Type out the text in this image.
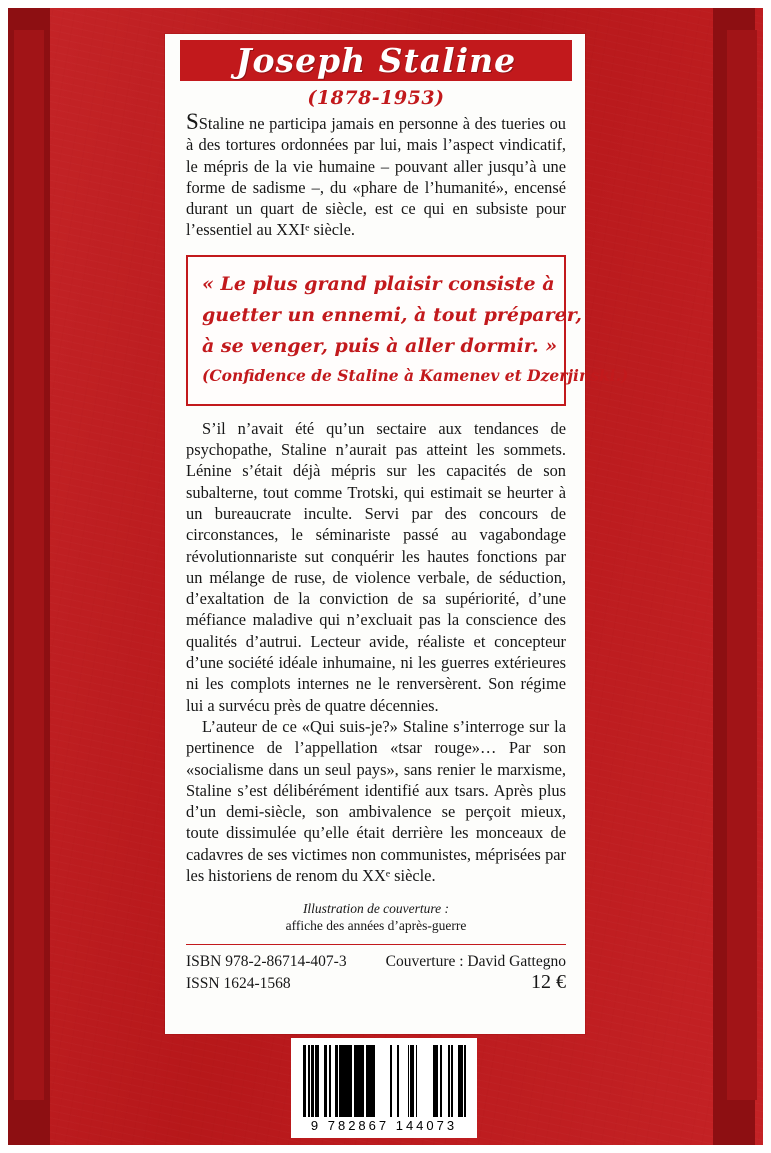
Joseph Staline
(1878-1953)

SStaline ne participa jamais en personne à des tueries ou à des tortures ordonnées par lui, mais l’aspect vindicatif, le mépris de la vie humaine – pouvant aller jusqu’à une forme de sadisme –, du «phare de l’humanité», encensé durant un quart de siècle, est ce qui en subsiste pour l’essentiel au XXIᵉ siècle.

« Le plus grand plaisir consiste à
guetter un ennemi, à tout préparer,
à se venger, puis à aller dormir. »
(Confidence de Staline à Kamenev et Dzerjinski.)

S’il n’avait été qu’un sectaire aux tendances de psychopathe, Staline n’aurait pas atteint les sommets. Lénine s’était déjà mépris sur les capacités de son subalterne, tout comme Trotski, qui estimait se heurter à un bureaucrate inculte. Servi par des concours de circonstances, le séminariste passé au vagabondage révolutionnariste sut conquérir les hautes fonctions par un mélange de ruse, de violence verbale, de séduction, d’exaltation de la conviction de sa supériorité, d’une méfiance maladive qui n’excluait pas la conscience des qualités d’autrui. Lecteur avide, réaliste et concepteur d’une société idéale inhumaine, ni les guerres extérieures ni les complots internes ne le renversèrent. Son régime lui a survécu près de quatre décennies.

L’auteur de ce «Qui suis-je?» Staline s’interroge sur la pertinence de l’appellation «tsar rouge»… Par son «socialisme dans un seul pays», sans renier le marxisme, Staline s’est délibérément identifié aux tsars. Après plus d’un demi-siècle, son ambivalence se perçoit mieux, toute dissimulée qu’elle était derrière les monceaux de cadavres de ses victimes non communistes, méprisées par les historiens de renom du XXᵉ siècle.

Illustration de couverture :
affiche des années d’après-guerre
ISBN 978-2-86714-407-3	Couverture : David Gattegno
ISSN 1624-1568	12 €
9 782867 144073
